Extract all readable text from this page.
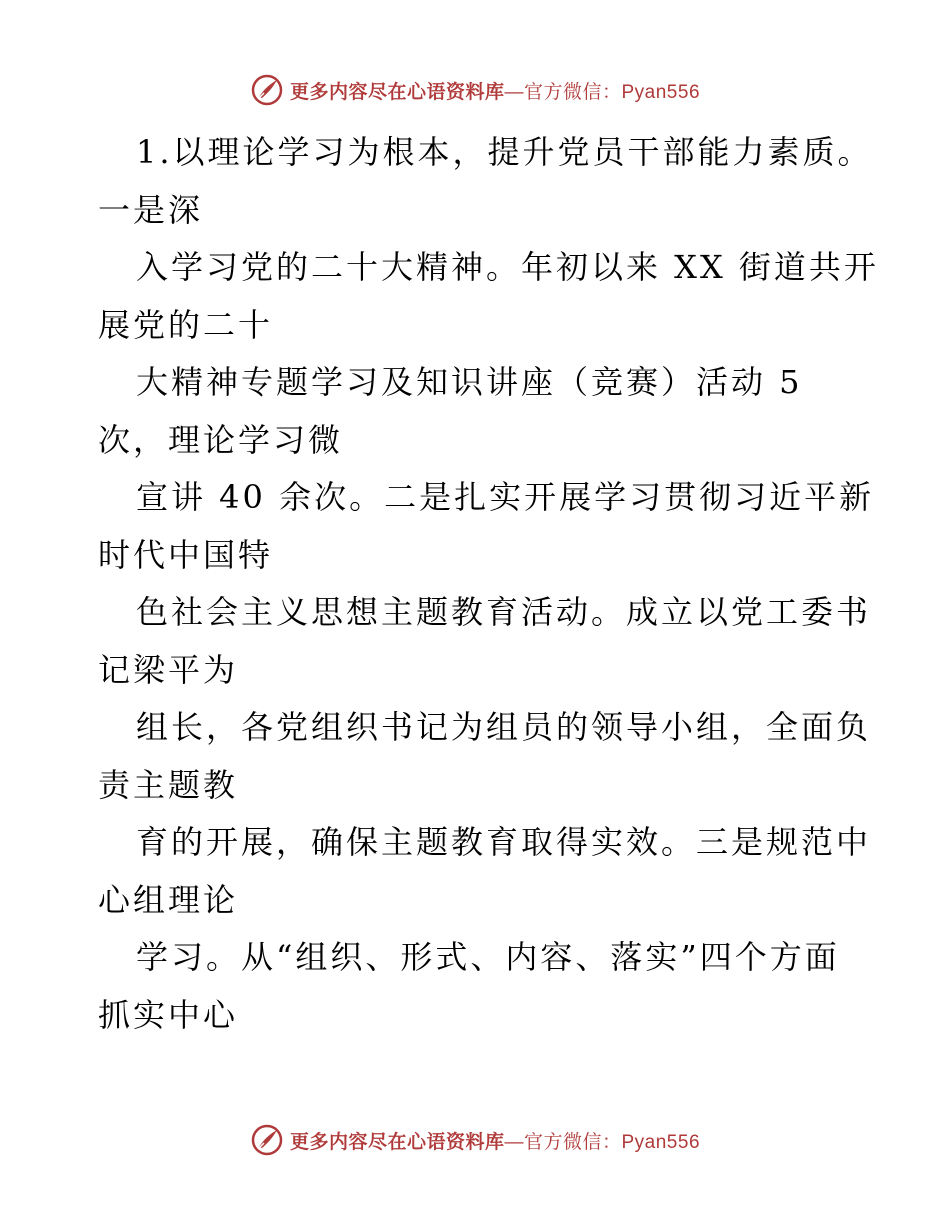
更多内容尽在心语资料库 —官方微信：Pyan556
1.以理论学习为根本，提升党员干部能力素质。
一是深
入学习党的二十大精神。年初以来 XX 街道共开
展党的二十
大精神专题学习及知识讲座（竞赛）活动 5
次，理论学习微
宣讲 40 余次。二是扎实开展学习贯彻习近平新
时代中国特
色社会主义思想主题教育活动。成立以党工委书
记梁平为
组长，各党组织书记为组员的领导小组，全面负
责主题教
育的开展，确保主题教育取得实效。三是规范中
心组理论
学习。从“组织、形式、内容、落实”四个方面
抓实中心
更多内容尽在心语资料库 —官方微信：Pyan556
